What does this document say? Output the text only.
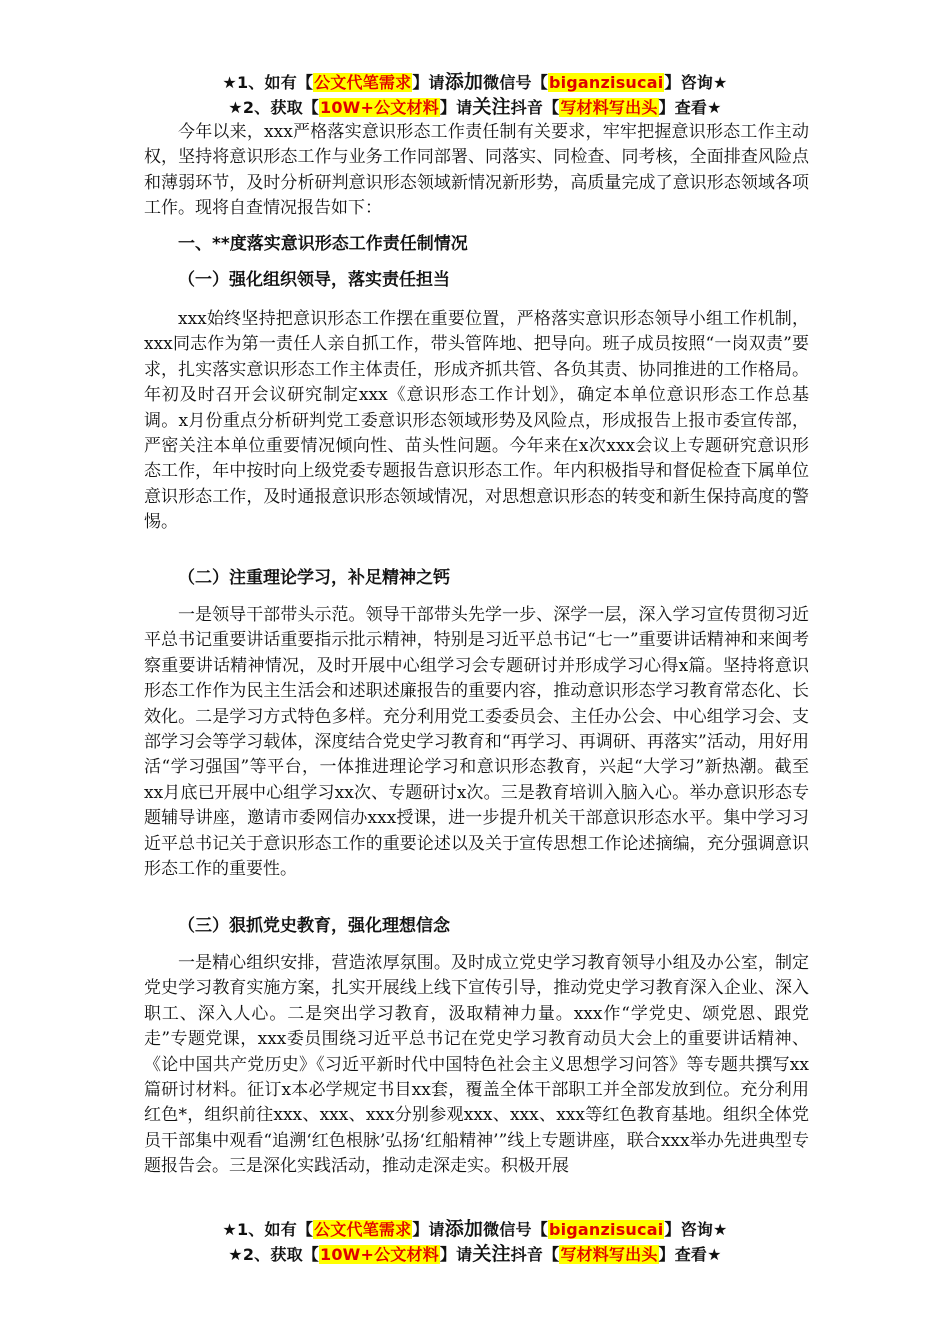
★1、如有【公文代笔需求】请添加微信号【biganzisucai】咨询★
★2、获取【10W+公文材料】请关注抖音【写材料写出头】查看★

今年以来，xxx严格落实意识形态工作责任制有关要求，牢牢把握意识形态工作主动权，坚持将意识形态工作与业务工作同部署、同落实、同检查、同考核，全面排查风险点和薄弱环节，及时分析研判意识形态领域新情况新形势，高质量完成了意识形态领域各项工作。现将自查情况报告如下：

一、**度落实意识形态工作责任制情况

（一）强化组织领导，落实责任担当

xxx始终坚持把意识形态工作摆在重要位置，严格落实意识形态领导小组工作机制，xxx同志作为第一责任人亲自抓工作，带头管阵地、把导向。班子成员按照“一岗双责”要求，扎实落实意识形态工作主体责任，形成齐抓共管、各负其责、协同推进的工作格局。年初及时召开会议研究制定xxx《意识形态工作计划》，确定本单位意识形态工作总基调。x月份重点分析研判党工委意识形态领域形势及风险点，形成报告上报市委宣传部，严密关注本单位重要情况倾向性、苗头性问题。今年来在x次xxx会议上专题研究意识形态工作，年中按时向上级党委专题报告意识形态工作。年内积极指导和督促检查下属单位意识形态工作，及时通报意识形态领域情况，对思想意识形态的转变和新生保持高度的警惕。

（二）注重理论学习，补足精神之钙

一是领导干部带头示范。领导干部带头先学一步、深学一层，深入学习宣传贯彻习近平总书记重要讲话重要指示批示精神，特别是习近平总书记“七一”重要讲话精神和来闽考察重要讲话精神情况，及时开展中心组学习会专题研讨并形成学习心得x篇。坚持将意识形态工作作为民主生活会和述职述廉报告的重要内容，推动意识形态学习教育常态化、长效化。二是学习方式特色多样。充分利用党工委委员会、主任办公会、中心组学习会、支部学习会等学习载体，深度结合党史学习教育和“再学习、再调研、再落实”活动，用好用活“学习强国”等平台，一体推进理论学习和意识形态教育，兴起“大学习”新热潮。截至xx月底已开展中心组学习xx次、专题研讨x次。三是教育培训入脑入心。举办意识形态专题辅导讲座，邀请市委网信办xxx授课，进一步提升机关干部意识形态水平。集中学习习近平总书记关于意识形态工作的重要论述以及关于宣传思想工作论述摘编，充分强调意识形态工作的重要性。

（三）狠抓党史教育，强化理想信念

一是精心组织安排，营造浓厚氛围。及时成立党史学习教育领导小组及办公室，制定党史学习教育实施方案，扎实开展线上线下宣传引导，推动党史学习教育深入企业、深入职工、深入人心。二是突出学习教育，汲取精神力量。xxx作“学党史、颂党恩、跟党走”专题党课，xxx委员围绕习近平总书记在党史学习教育动员大会上的重要讲话精神、《论中国共产党历史》《习近平新时代中国特色社会主义思想学习问答》等专题共撰写xx篇研讨材料。征订x本必学规定书目xx套，覆盖全体干部职工并全部发放到位。充分利用红色*，组织前往xxx、xxx、xxx分别参观xxx、xxx、xxx等红色教育基地。组织全体党员干部集中观看“追溯‘红色根脉’弘扬‘红船精神’”线上专题讲座，联合xxx举办先进典型专题报告会。三是深化实践活动，推动走深走实。积极开展

★1、如有【公文代笔需求】请添加微信号【biganzisucai】咨询★
★2、获取【10W+公文材料】请关注抖音【写材料写出头】查看★
